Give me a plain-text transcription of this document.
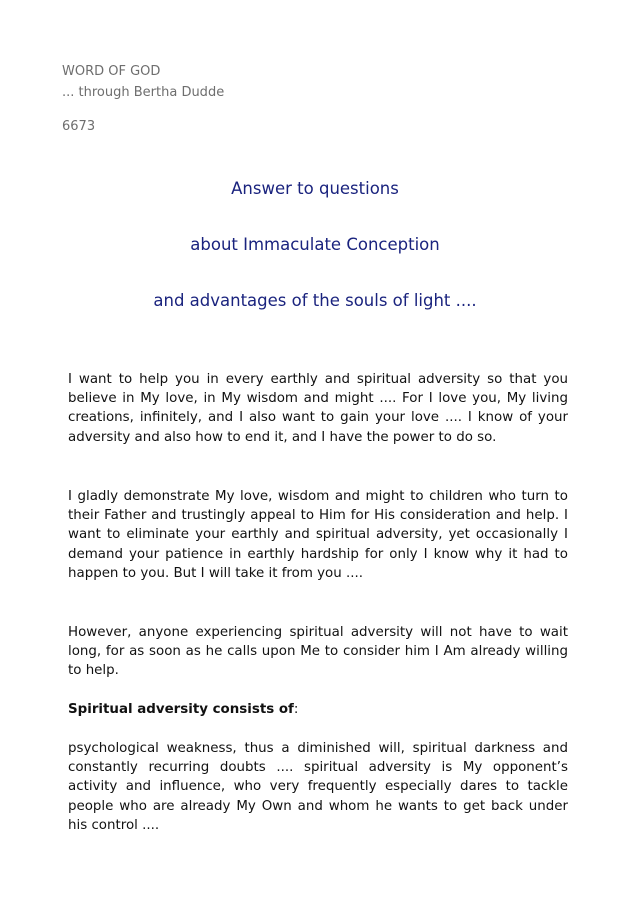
WORD OF GOD
... through Bertha Dudde
6673
Answer to questions
about Immaculate Conception
and advantages of the souls of light ....
I want to help you in every earthly and spiritual adversity so that you believe in My love, in My wisdom and might .... For I love you, My living creations, infinitely, and I also want to gain your love .... I know of your adversity and also how to end it, and I have the power to do so.
I gladly demonstrate My love, wisdom and might to children who turn to their Father and trustingly appeal to Him for His consideration and help. I want to eliminate your earthly and spiritual adversity, yet occasionally I demand your patience in earthly hardship for only I know why it had to happen to you. But I will take it from you ....
However, anyone experiencing spiritual adversity will not have to wait long, for as soon as he calls upon Me to consider him I Am already willing to help.
Spiritual adversity consists of:
psychological weakness, thus a diminished will, spiritual darkness and constantly recurring doubts .... spiritual adversity is My opponent’s activity and influence, who very frequently especially dares to tackle people who are already My Own and whom he wants to get back under his control ....
